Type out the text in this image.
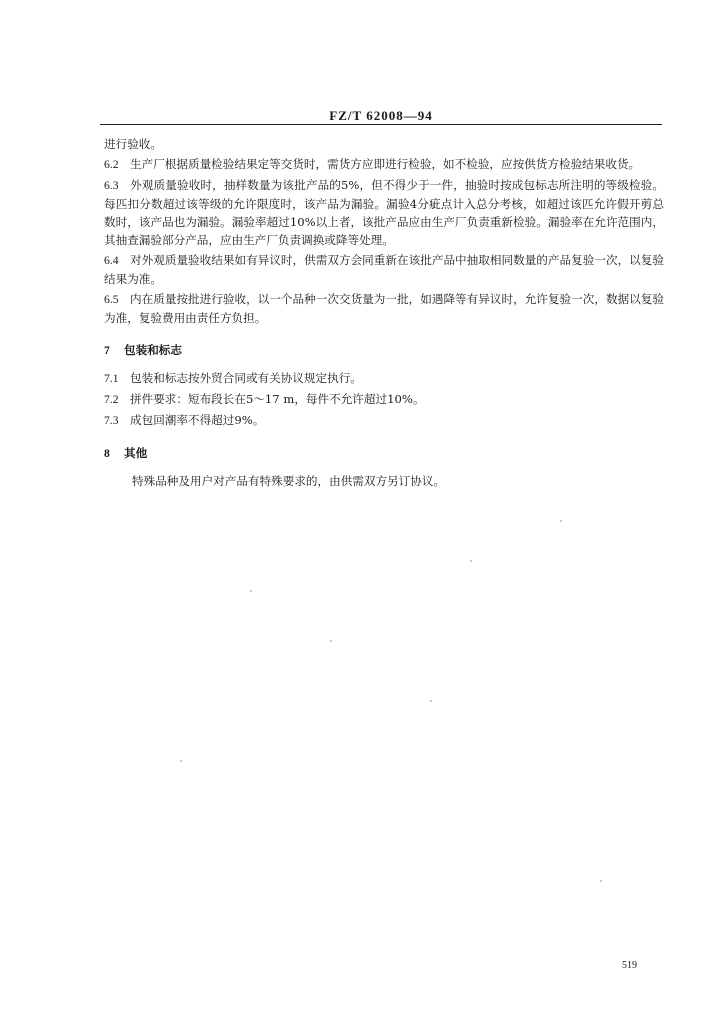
FZ/T 62008—94

进行验收。

6.2 生产厂根据质量检验结果定等交货时，需货方应即进行检验，如不检验，应按供货方检验结果收货。

6.3 外观质量验收时，抽样数量为该批产品的5%，但不得少于一件，抽验时按成包标志所注明的等级检验。每匹扣分数超过该等级的允许限度时，该产品为漏验。漏验4分疵点计入总分考核，如超过该匹允许假开剪总数时，该产品也为漏验。漏验率超过10%以上者，该批产品应由生产厂负责重新检验。漏验率在允许范围内，其抽查漏验部分产品，应由生产厂负责调换或降等处理。

6.4 对外观质量验收结果如有异议时，供需双方会同重新在该批产品中抽取相同数量的产品复验一次，以复验结果为准。

6.5 内在质量按批进行验收，以一个品种一次交货量为一批，如遇降等有异议时，允许复验一次，数据以复验为准，复验费用由责任方负担。

7 包装和标志

7.1 包装和标志按外贸合同或有关协议规定执行。

7.2 拼件要求：短布段长在5～17 m，每件不允许超过10%。

7.3 成包回潮率不得超过9%。

8 其他

特殊品种及用户对产品有特殊要求的，由供需双方另订协议。

519
